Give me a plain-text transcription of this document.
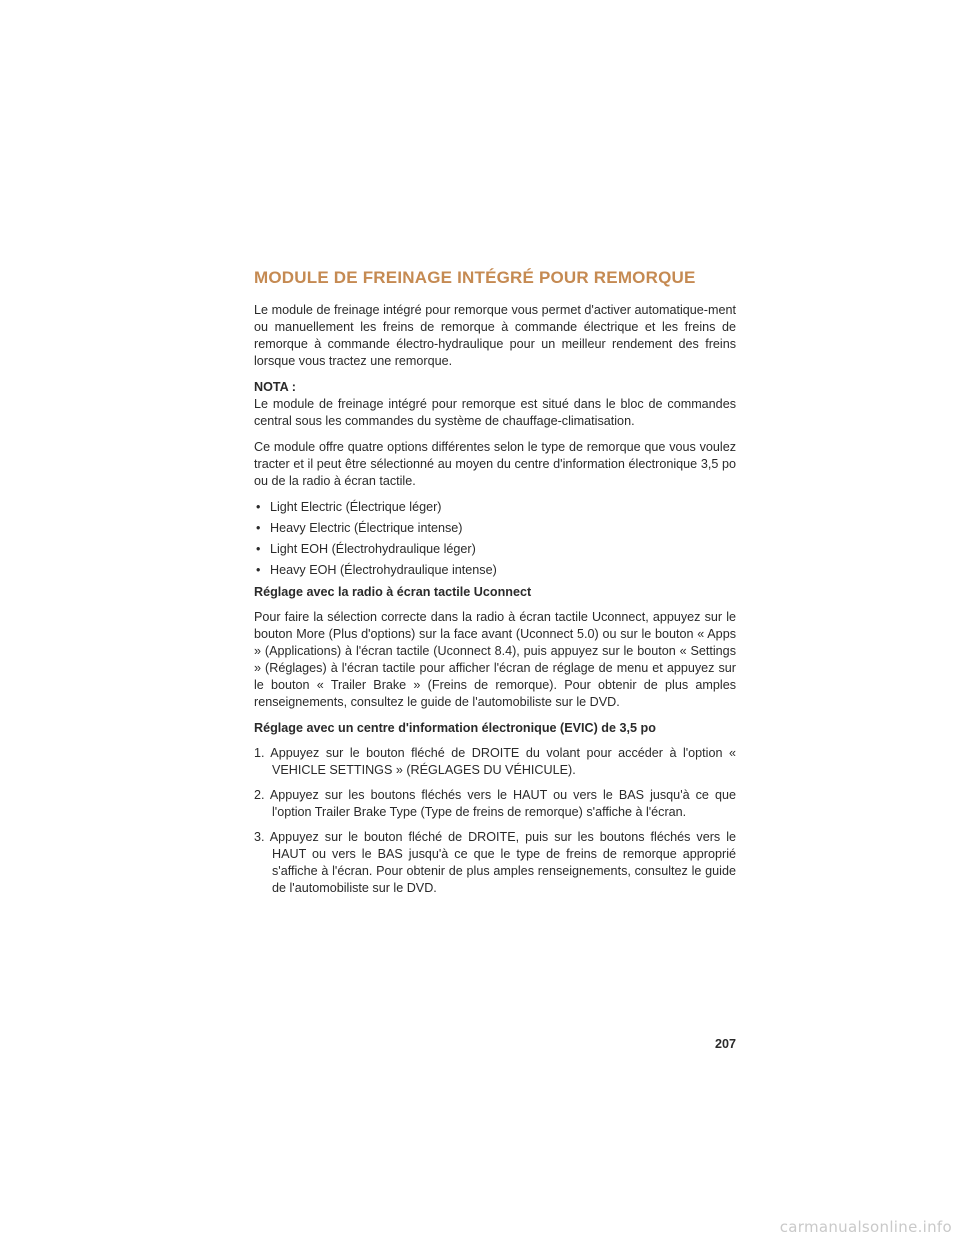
MODULE DE FREINAGE INTÉGRÉ POUR REMORQUE

Le module de freinage intégré pour remorque vous permet d'activer automatique-ment ou manuellement les freins de remorque à commande électrique et les freins de remorque à commande électro-hydraulique pour un meilleur rendement des freins lorsque vous tractez une remorque.

NOTA :

Le module de freinage intégré pour remorque est situé dans le bloc de commandes central sous les commandes du système de chauffage-climatisation.

Ce module offre quatre options différentes selon le type de remorque que vous voulez tracter et il peut être sélectionné au moyen du centre d'information électronique 3,5 po ou de la radio à écran tactile.

• Light Electric (Électrique léger)
• Heavy Electric (Électrique intense)
• Light EOH (Électrohydraulique léger)
• Heavy EOH (Électrohydraulique intense)
Réglage avec la radio à écran tactile Uconnect

Pour faire la sélection correcte dans la radio à écran tactile Uconnect, appuyez sur le bouton More (Plus d'options) sur la face avant (Uconnect 5.0) ou sur le bouton « Apps » (Applications) à l'écran tactile (Uconnect 8.4), puis appuyez sur le bouton « Settings » (Réglages) à l'écran tactile pour afficher l'écran de réglage de menu et appuyez sur le bouton « Trailer Brake » (Freins de remorque). Pour obtenir de plus amples renseignements, consultez le guide de l'automobiliste sur le DVD.

Réglage avec un centre d'information électronique (EVIC) de 3,5 po
1. Appuyez sur le bouton fléché de DROITE du volant pour accéder à l'option « VEHICLE SETTINGS » (RÉGLAGES DU VÉHICULE).
2. Appuyez sur les boutons fléchés vers le HAUT ou vers le BAS jusqu'à ce que l'option Trailer Brake Type (Type de freins de remorque) s'affiche à l'écran.
3. Appuyez sur le bouton fléché de DROITE, puis sur les boutons fléchés vers le HAUT ou vers le BAS jusqu'à ce que le type de freins de remorque approprié s'affiche à l'écran. Pour obtenir de plus amples renseignements, consultez le guide de l'automobiliste sur le DVD.
207
carmanualsonline.info
